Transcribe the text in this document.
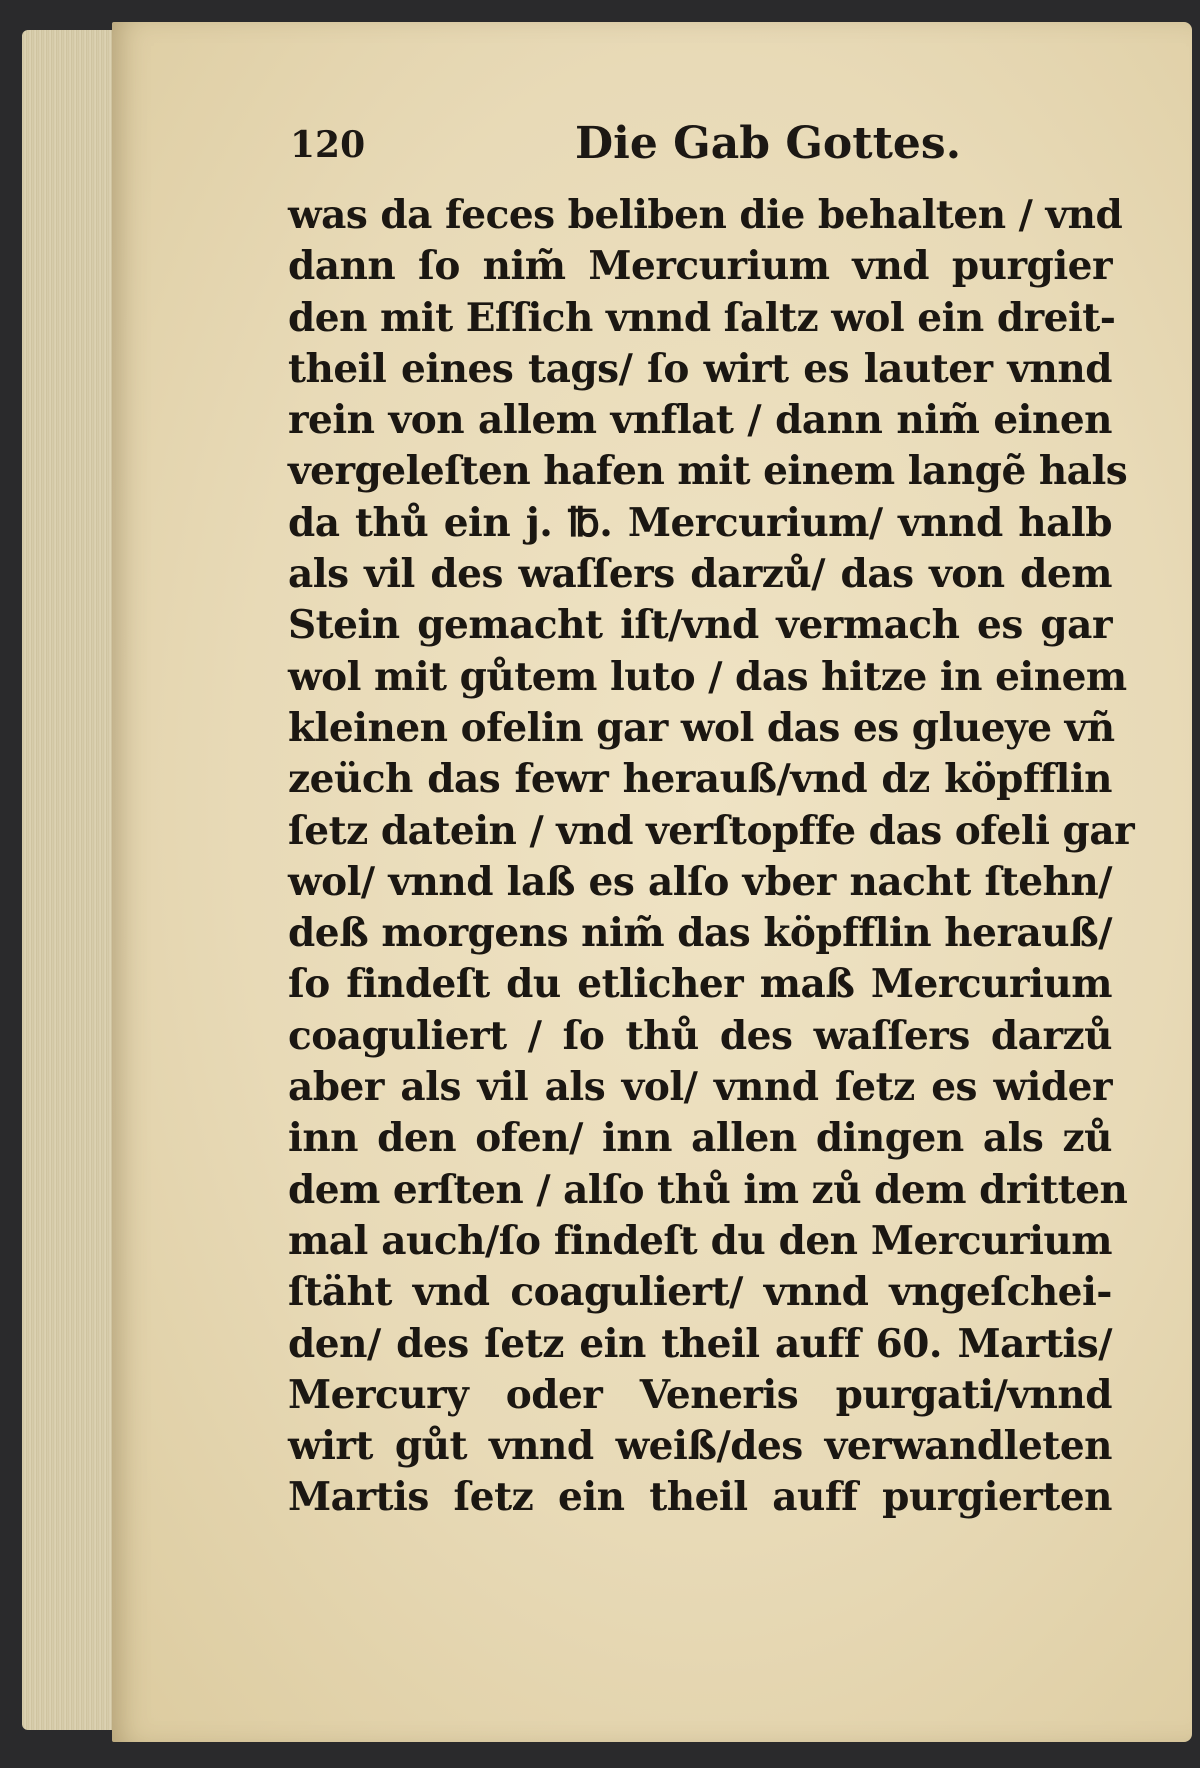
120	Die Gab Gottes.
was da feces beliben die behalten / vnd
dann ſo nim̃ Mercurium vnd purgier
den mit Eſſich vnnd ſaltz wol ein dreit-
theil eines tags/ ſo wirt es lauter vnnd
rein von allem vnflat / dann nim̃ einen
vergeleſten hafen mit einem langẽ hals
da thů ein j. ℔. Mercurium/ vnnd halb
als vil des waſſers darzů/ das von dem
Stein gemacht iſt/vnd vermach es gar
wol mit gůtem luto / das hitze in einem
kleinen ofelin gar wol das es glueye vñ
zeüch das fewr herauß/vnd dz köpfflin
ſetz datein / vnd verſtopffe das ofeli gar
wol/ vnnd laß es alſo vber nacht ſtehn/
deß morgens nim̃ das köpfflin herauß/
ſo findeſt du etlicher maß Mercurium
coaguliert / ſo thů des waſſers darzů
aber als vil als vol/ vnnd ſetz es wider
inn den ofen/ inn allen dingen als zů
dem erſten / alſo thů im zů dem dritten
mal auch/ſo findeſt du den Mercurium
ſtäht vnd coaguliert/ vnnd vngeſchei-
den/ des ſetz ein theil auff 60. Martis/
Mercury oder Veneris purgati/vnnd
wirt gůt vnnd weiß/des verwandleten
Martis ſetz ein theil auff purgierten
